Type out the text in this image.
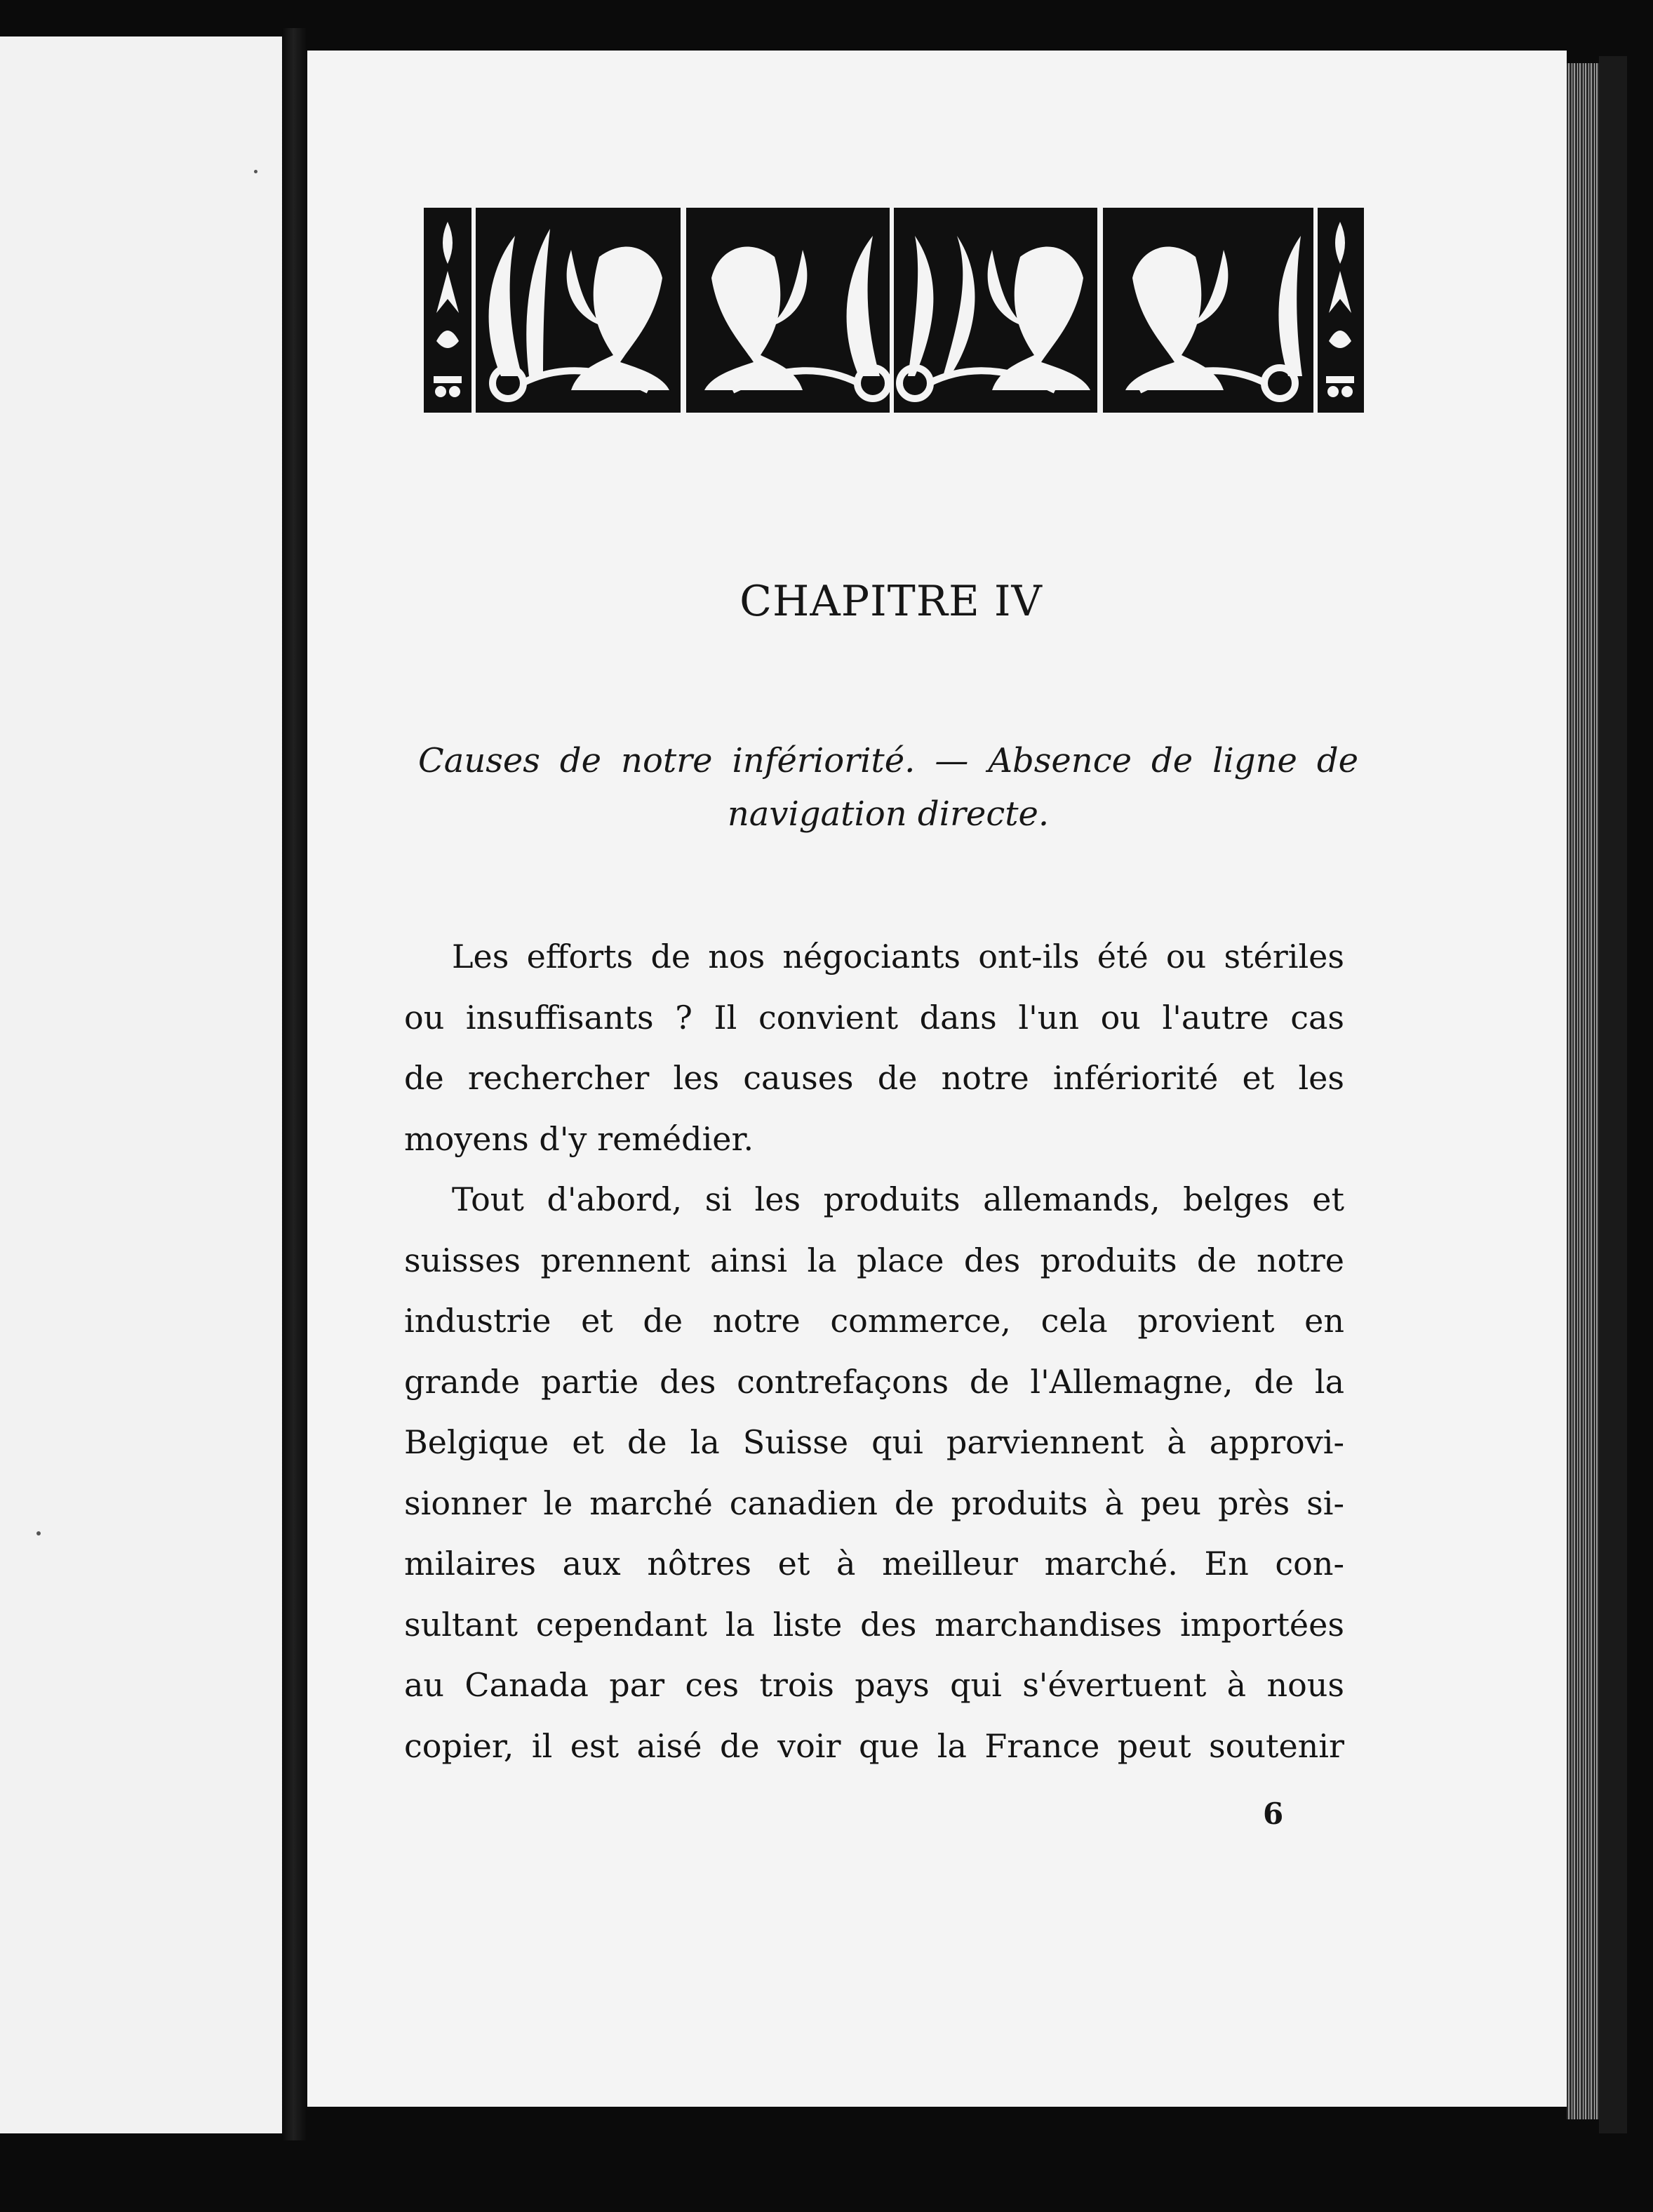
CHAPITRE IV
Causes de notre infériorité. — Absence de ligne de
navigation directe.
Les efforts de nos négociants ont-ils été ou stériles
ou insuffisants ? Il convient dans l'un ou l'autre cas
de rechercher les causes de notre infériorité et les
moyens d'y remédier.
Tout d'abord, si les produits allemands, belges et
suisses prennent ainsi la place des produits de notre
industrie et de notre commerce, cela provient en
grande partie des contrefaçons de l'Allemagne, de la
Belgique et de la Suisse qui parviennent à approvi-
sionner le marché canadien de produits à peu près si-
milaires aux nôtres et à meilleur marché. En con-
sultant cependant la liste des marchandises importées
au Canada par ces trois pays qui s'évertuent à nous
copier, il est aisé de voir que la France peut soutenir
6
